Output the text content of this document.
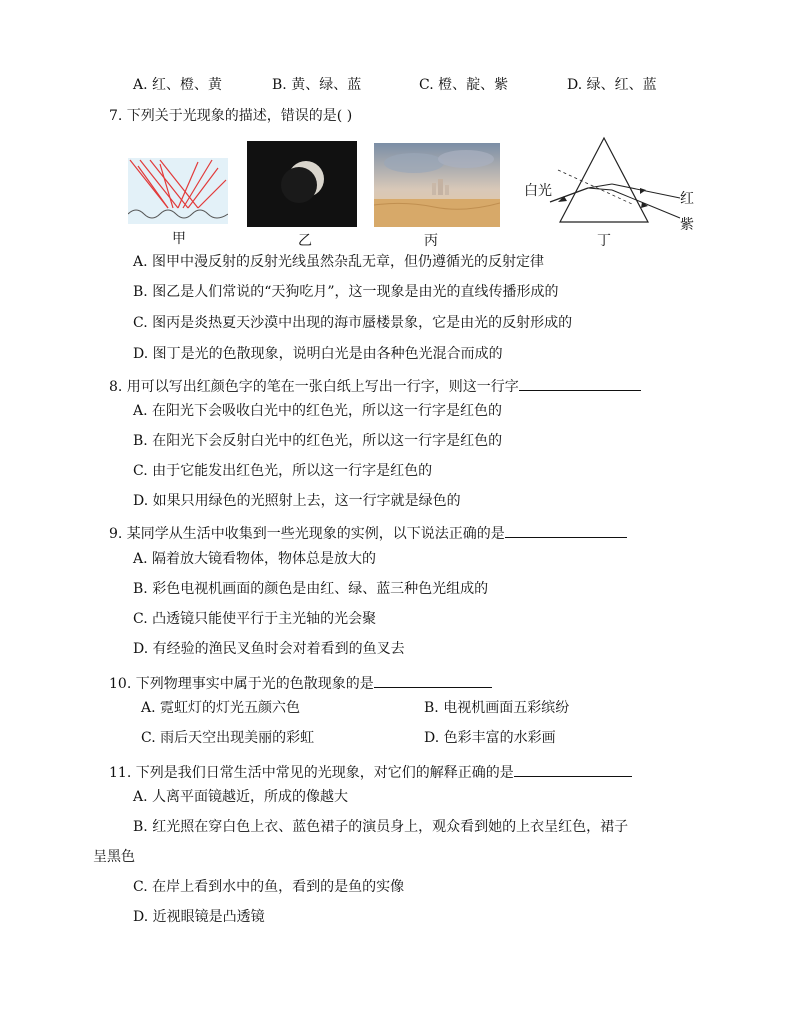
A. 红、橙、黄	B. 黄、绿、蓝	C. 橙、靛、紫	D. 绿、红、蓝
7. 下列关于光现象的描述，错误的是( )
甲	乙	丙
白光	红
紫
丁
A. 图甲中漫反射的反射光线虽然杂乱无章，但仍遵循光的反射定律
B. 图乙是人们常说的“天狗吃月”，这一现象是由光的直线传播形成的
C. 图丙是炎热夏天沙漠中出现的海市蜃楼景象，它是由光的反射形成的
D. 图丁是光的色散现象，说明白光是由各种色光混合而成的
8. 用可以写出红颜色字的笔在一张白纸上写出一行字，则这一行字
A. 在阳光下会吸收白光中的红色光，所以这一行字是红色的
B. 在阳光下会反射白光中的红色光，所以这一行字是红色的
C. 由于它能发出红色光，所以这一行字是红色的
D. 如果只用绿色的光照射上去，这一行字就是绿色的
9. 某同学从生活中收集到一些光现象的实例，以下说法正确的是
A. 隔着放大镜看物体，物体总是放大的
B. 彩色电视机画面的颜色是由红、绿、蓝三种色光组成的
C. 凸透镜只能使平行于主光轴的光会聚
D. 有经验的渔民叉鱼时会对着看到的鱼叉去
10. 下列物理事实中属于光的色散现象的是
A. 霓虹灯的灯光五颜六色	B. 电视机画面五彩缤纷
C. 雨后天空出现美丽的彩虹	D. 色彩丰富的水彩画
11. 下列是我们日常生活中常见的光现象，对它们的解释正确的是
A. 人离平面镜越近，所成的像越大
B. 红光照在穿白色上衣、蓝色裙子的演员身上，观众看到她的上衣呈红色，裙子
呈黑色
C. 在岸上看到水中的鱼，看到的是鱼的实像
D. 近视眼镜是凸透镜
